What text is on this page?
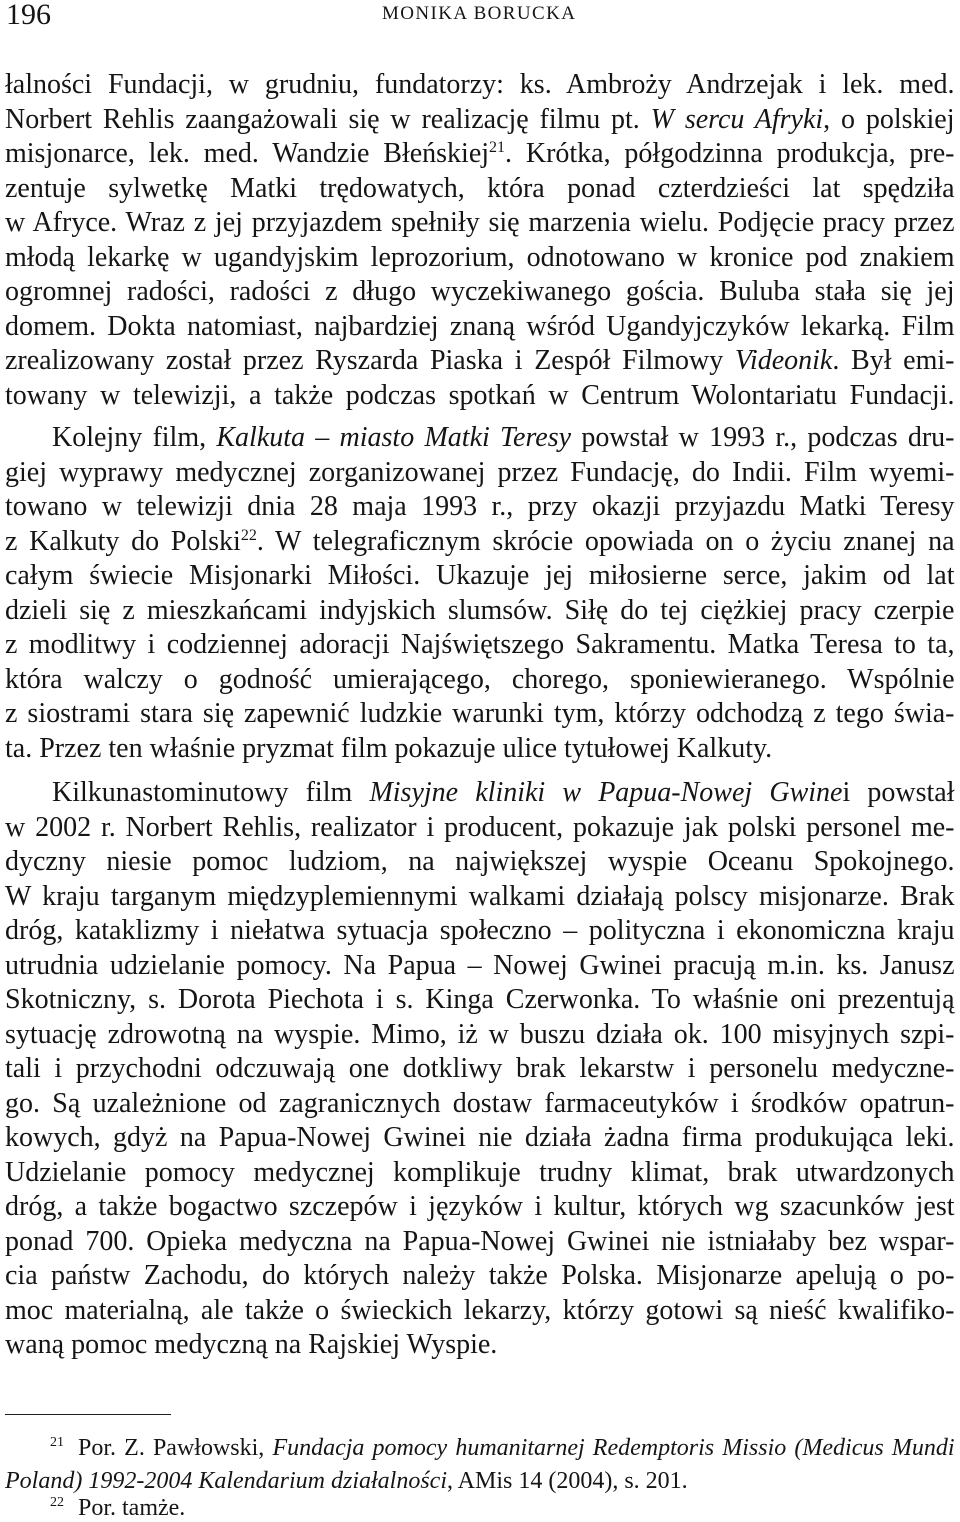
196	MONIKA BORUCKA
łalności Fundacji, w grudniu, fundatorzy: ks. Ambroży Andrzejak i lek. med.
Norbert Rehlis zaangażowali się w realizację filmu pt. W sercu Afryki, o polskiej
misjonarce, lek. med. Wandzie Błeńskiej$^{21}$. Krótka, półgodzinna produkcja, pre-
zentuje sylwetkę Matki trędowatych, która ponad czterdzieści lat spędziła
w Afryce. Wraz z jej przyjazdem spełniły się marzenia wielu. Podjęcie pracy przez
młodą lekarkę w ugandyjskim leprozorium, odnotowano w kronice pod znakiem
ogromnej radości, radości z długo wyczekiwanego gościa. Buluba stała się jej
domem. Dokta natomiast, najbardziej znaną wśród Ugandyjczyków lekarką. Film
zrealizowany został przez Ryszarda Piaska i Zespół Filmowy Videonik. Był emi-
towany w telewizji, a także podczas spotkań w Centrum Wolontariatu Fundacji.
Kolejny film, Kalkuta – miasto Matki Teresy powstał w 1993 r., podczas dru-
giej wyprawy medycznej zorganizowanej przez Fundację, do Indii. Film wyemi-
towano w telewizji dnia 28 maja 1993 r., przy okazji przyjazdu Matki Teresy
z Kalkuty do Polski$^{22}$. W telegraficznym skrócie opowiada on o życiu znanej na
całym świecie Misjonarki Miłości. Ukazuje jej miłosierne serce, jakim od lat
dzieli się z mieszkańcami indyjskich slumsów. Siłę do tej ciężkiej pracy czerpie
z modlitwy i codziennej adoracji Najświętszego Sakramentu. Matka Teresa to ta,
która walczy o godność umierającego, chorego, sponiewieranego. Wspólnie
z siostrami stara się zapewnić ludzkie warunki tym, którzy odchodzą z tego świa-
ta. Przez ten właśnie pryzmat film pokazuje ulice tytułowej Kalkuty.
Kilkunastominutowy film Misyjne kliniki w Papua-Nowej Gwinei powstał
w 2002 r. Norbert Rehlis, realizator i producent, pokazuje jak polski personel me-
dyczny niesie pomoc ludziom, na największej wyspie Oceanu Spokojnego.
W kraju targanym międzyplemiennymi walkami działają polscy misjonarze. Brak
dróg, kataklizmy i niełatwa sytuacja społeczno – polityczna i ekonomiczna kraju
utrudnia udzielanie pomocy. Na Papua – Nowej Gwinei pracują m.in. ks. Janusz
Skotniczny, s. Dorota Piechota i s. Kinga Czerwonka. To właśnie oni prezentują
sytuację zdrowotną na wyspie. Mimo, iż w buszu działa ok. 100 misyjnych szpi-
tali i przychodni odczuwają one dotkliwy brak lekarstw i personelu medyczne-
go. Są uzależnione od zagranicznych dostaw farmaceutyków i środków opatrun-
kowych, gdyż na Papua-Nowej Gwinei nie działa żadna firma produkująca leki.
Udzielanie pomocy medycznej komplikuje trudny klimat, brak utwardzonych
dróg, a także bogactwo szczepów i języków i kultur, których wg szacunków jest
ponad 700. Opieka medyczna na Papua-Nowej Gwinei nie istniałaby bez wspar-
cia państw Zachodu, do których należy także Polska. Misjonarze apelują o po-
moc materialną, ale także o świeckich lekarzy, którzy gotowi są nieść kwalifiko-
waną pomoc medyczną na Rajskiej Wyspie.
$^{21}$ Por. Z. Pawłowski, Fundacja pomocy humanitarnej Redemptoris Missio (Medicus Mundi
Poland) 1992-2004 Kalendarium działalności, AMis 14 (2004), s. 201.
$^{22}$ Por. tamże.
